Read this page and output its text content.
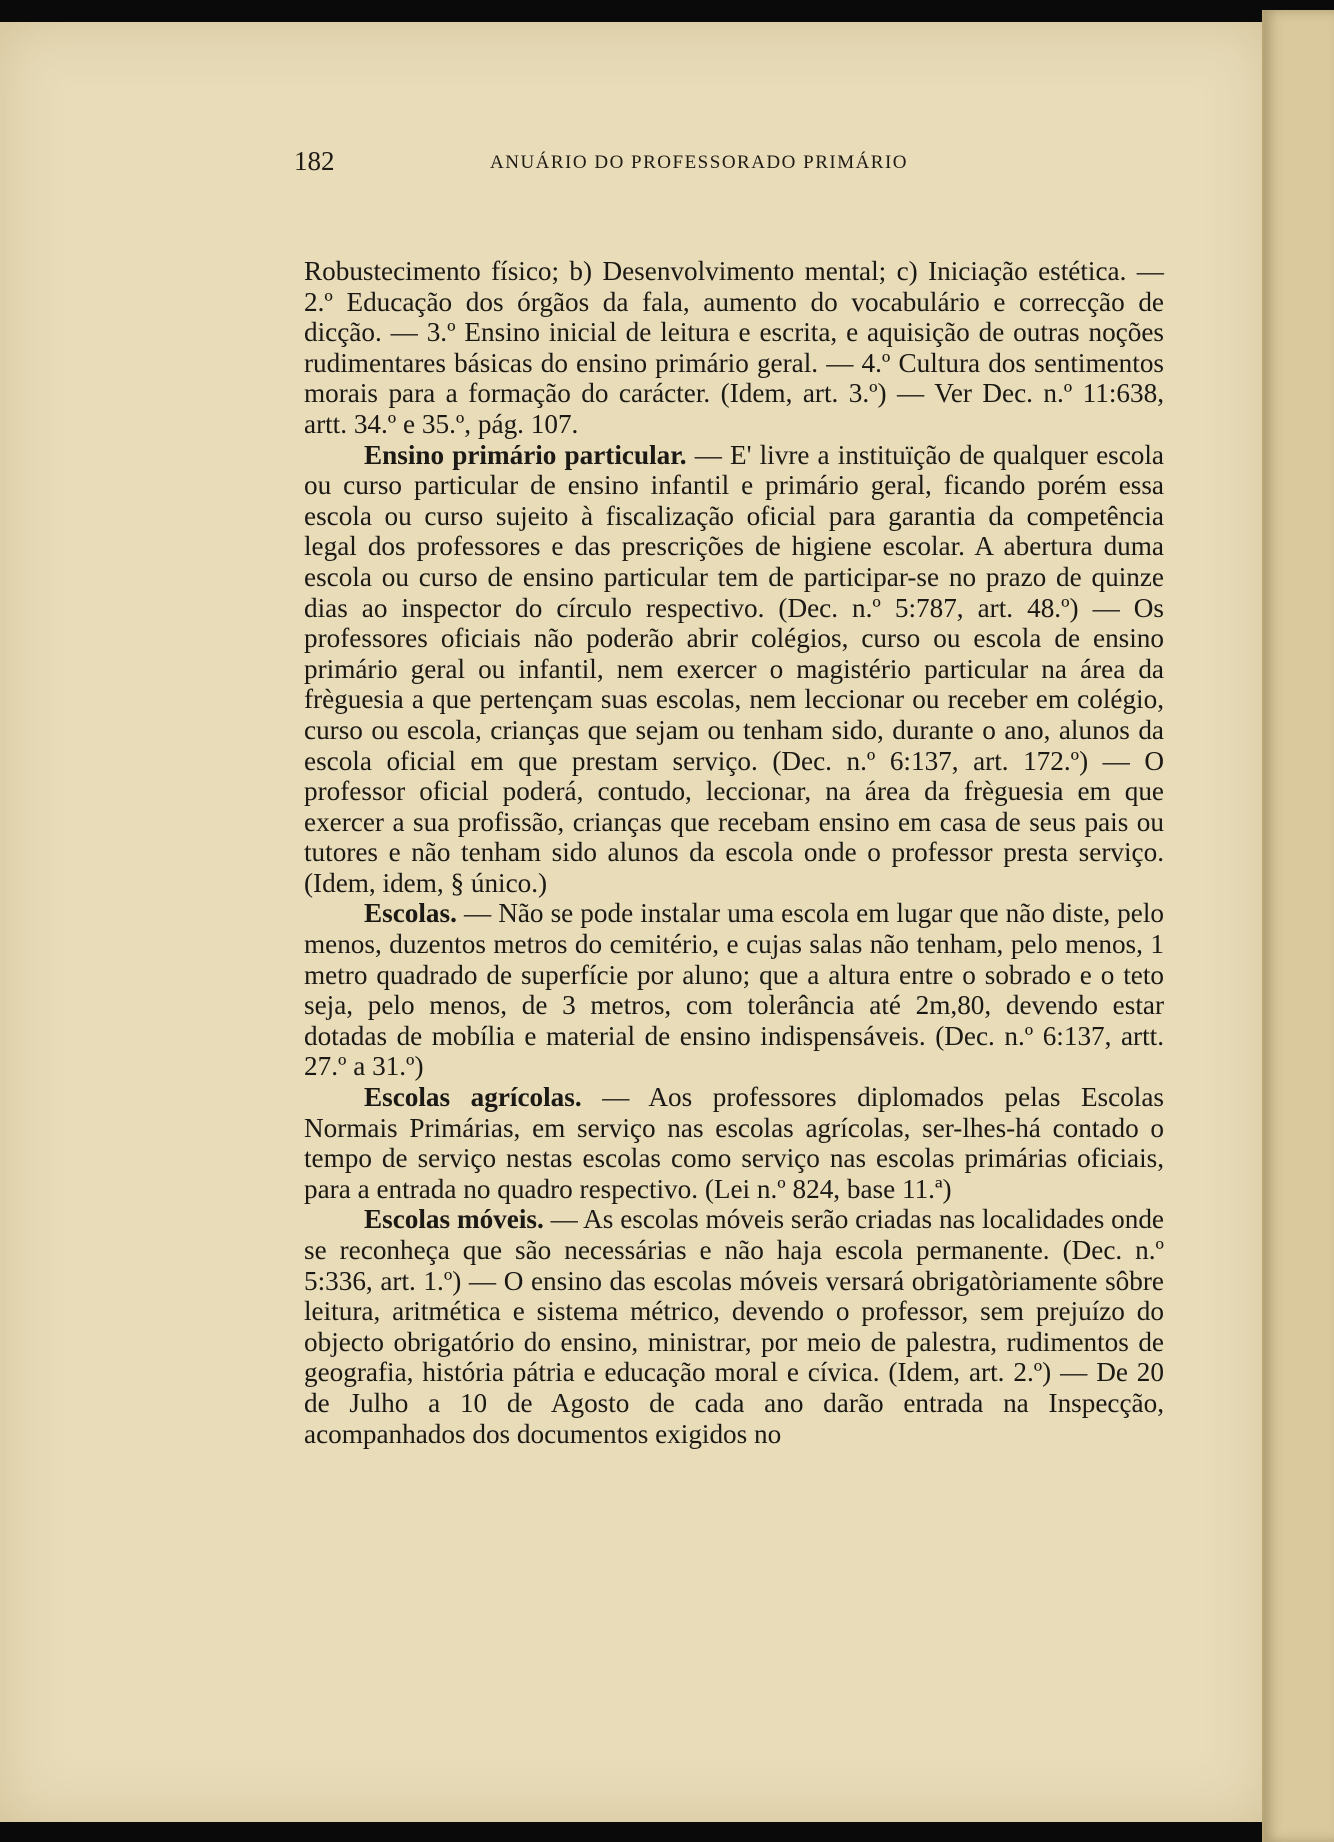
182	ANUÁRIO DO PROFESSORADO PRIMÁRIO

Robustecimento físico; b) Desenvolvimento mental; c) Iniciação estética. — 2.º Educação dos órgãos da fala, aumento do vocabulário e correcção de dicção. — 3.º Ensino inicial de leitura e escrita, e aquisição de outras noções rudimentares básicas do ensino primário geral. — 4.º Cultura dos sentimentos morais para a formação do carácter. (Idem, art. 3.º) — Ver Dec. n.º 11:638, artt. 34.º e 35.º, pág. 107.

Ensino primário particular. — E' livre a instituïção de qualquer escola ou curso particular de ensino infantil e primário geral, ficando porém essa escola ou curso sujeito à fiscalização oficial para garantia da competência legal dos professores e das prescrições de higiene escolar. A abertura duma escola ou curso de ensino particular tem de participar-se no prazo de quinze dias ao inspector do círculo respectivo. (Dec. n.º 5:787, art. 48.º) — Os professores oficiais não poderão abrir colégios, curso ou escola de ensino primário geral ou infantil, nem exercer o magistério particular na área da frèguesia a que pertençam suas escolas, nem leccionar ou receber em colégio, curso ou escola, crianças que sejam ou tenham sido, durante o ano, alunos da escola oficial em que prestam serviço. (Dec. n.º 6:137, art. 172.º) — O professor oficial poderá, contudo, leccionar, na área da frèguesia em que exercer a sua profissão, crianças que recebam ensino em casa de seus pais ou tutores e não tenham sido alunos da escola onde o professor presta serviço. (Idem, idem, § único.)

Escolas. — Não se pode instalar uma escola em lugar que não diste, pelo menos, duzentos metros do cemitério, e cujas salas não tenham, pelo menos, 1 metro quadrado de superfície por aluno; que a altura entre o sobrado e o teto seja, pelo menos, de 3 metros, com tolerância até 2m,80, devendo estar dotadas de mobília e material de ensino indispensáveis. (Dec. n.º 6:137, artt. 27.º a 31.º)

Escolas agrícolas. — Aos professores diplomados pelas Escolas Normais Primárias, em serviço nas escolas agrícolas, ser-lhes-há contado o tempo de serviço nestas escolas como serviço nas escolas primárias oficiais, para a entrada no quadro respectivo. (Lei n.º 824, base 11.ª)

Escolas móveis. — As escolas móveis serão criadas nas localidades onde se reconheça que são necessárias e não haja escola permanente. (Dec. n.º 5:336, art. 1.º) — O ensino das escolas móveis versará obrigatòriamente sôbre leitura, aritmética e sistema métrico, devendo o professor, sem prejuízo do objecto obrigatório do ensino, ministrar, por meio de palestra, rudimentos de geografia, história pátria e educação moral e cívica. (Idem, art. 2.º) — De 20 de Julho a 10 de Agosto de cada ano darão entrada na Inspecção, acompanhados dos documentos exigidos no
